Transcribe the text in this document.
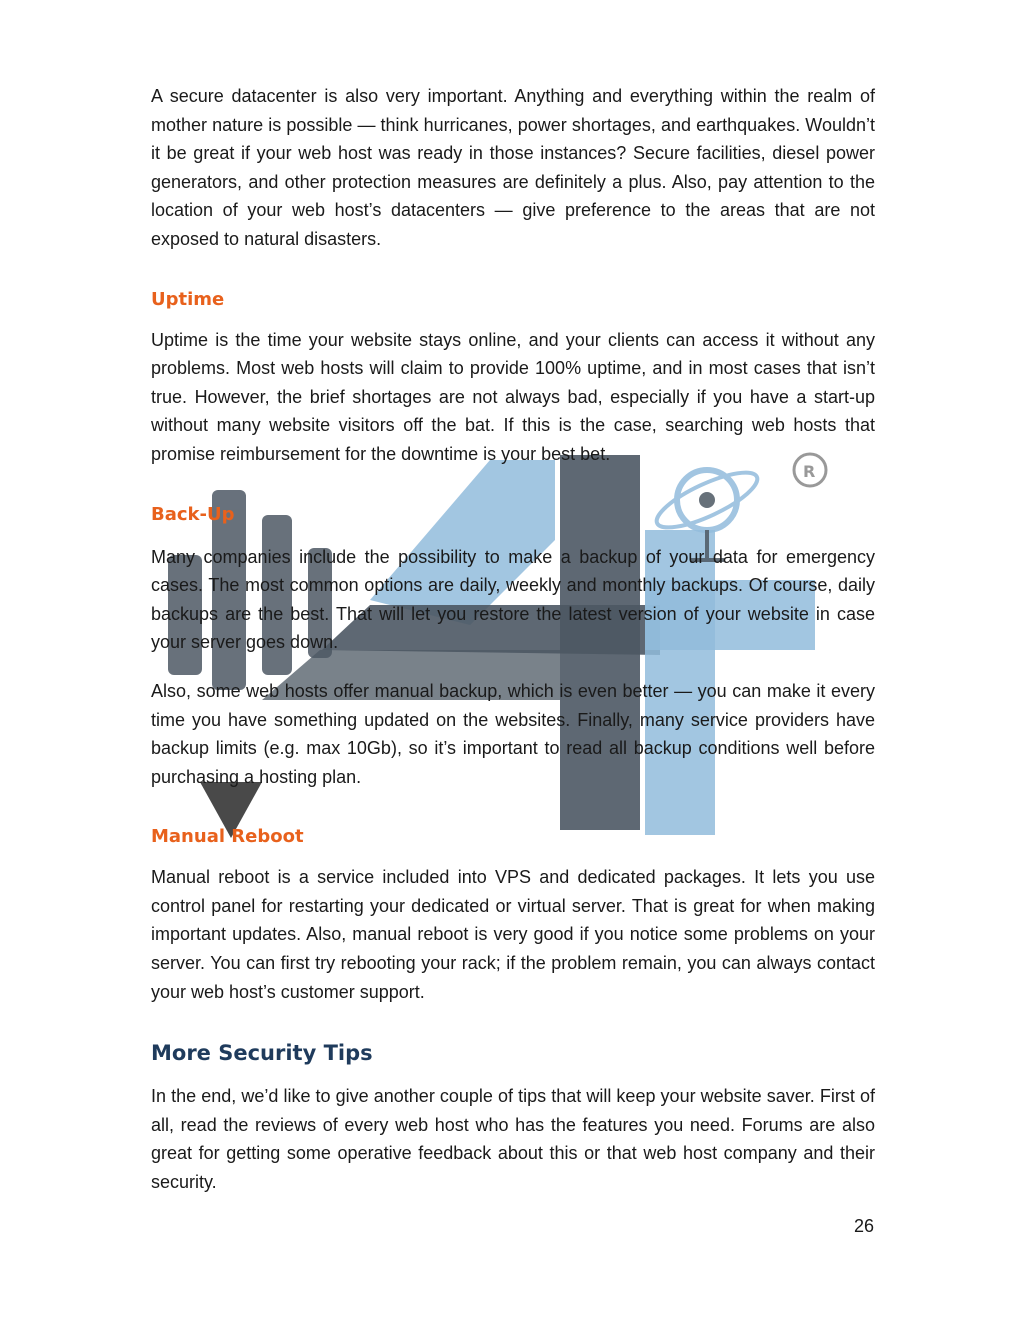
R

A secure datacenter is also very important. Anything and everything within the realm of mother nature is possible — think hurricanes, power shortages, and earthquakes. Wouldn’t it be great if your web host was ready in those instances? Secure facilities, diesel power generators, and other protection measures are definitely a plus. Also, pay attention to the location of your web host’s datacenters — give preference to the areas that are not exposed to natural disasters.

Uptime

Uptime is the time your website stays online, and your clients can access it without any problems. Most web hosts will claim to provide 100% uptime, and in most cases that isn’t true. However, the brief shortages are not always bad, especially if you have a start-up without many website visitors off the bat. If this is the case, searching web hosts that promise reimbursement for the downtime is your best bet.

Back-Up

Many companies include the possibility to make a backup of your data for emergency cases. The most common options are daily, weekly and monthly backups. Of course, daily backups are the best. That will let you restore the latest version of your website in case your server goes down.

Also, some web hosts offer manual backup, which is even better — you can make it every time you have something updated on the websites. Finally, many service providers have backup limits (e.g. max 10Gb), so it’s important to read all backup conditions well before purchasing a hosting plan.

Manual Reboot

Manual reboot is a service included into VPS and dedicated packages. It lets you use control panel for restarting your dedicated or virtual server. That is great for when making important updates. Also, manual reboot is very good if you notice some problems on your server. You can first try rebooting your rack; if the problem remain, you can always contact your web host’s customer support.

More Security Tips

In the end, we’d like to give another couple of tips that will keep your website saver. First of all, read the reviews of every web host who has the features you need. Forums are also great for getting some operative feedback about this or that web host company and their security.

26
